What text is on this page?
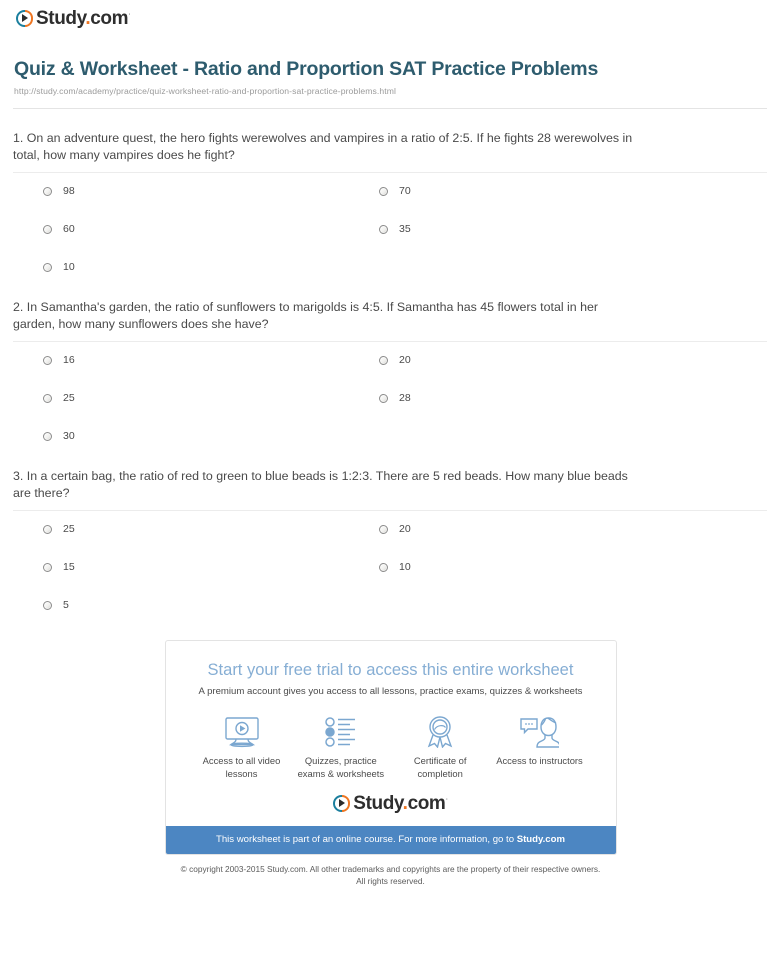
Study.com·
Quiz & Worksheet - Ratio and Proportion SAT Practice Problems
http://study.com/academy/practice/quiz-worksheet-ratio-and-proportion-sat-practice-problems.html

1. On an adventure quest, the hero fights werewolves and vampires in a ratio of 2:5. If he fights 28 werewolves in total, how many vampires does he fight?

98	70
60	35
10

2. In Samantha's garden, the ratio of sunflowers to marigolds is 4:5. If Samantha has 45 flowers total in her garden, how many sunflowers does she have?

16	20
25	28
30

3. In a certain bag, the ratio of red to green to blue beads is 1:2:3. There are 5 red beads. How many blue beads are there?

25	20
15	10
5
Start your free trial to access this entire worksheet
A premium account gives you access to all lessons, practice exams, quizzes & worksheets
Access to all video lessons
Quizzes, practice exams & worksheets
Certificate of completion
Access to instructors
Study.com·
This worksheet is part of an online course. For more information, go to Study.com
© copyright 2003-2015 Study.com. All other trademarks and copyrights are the property of their respective owners.
All rights reserved.
